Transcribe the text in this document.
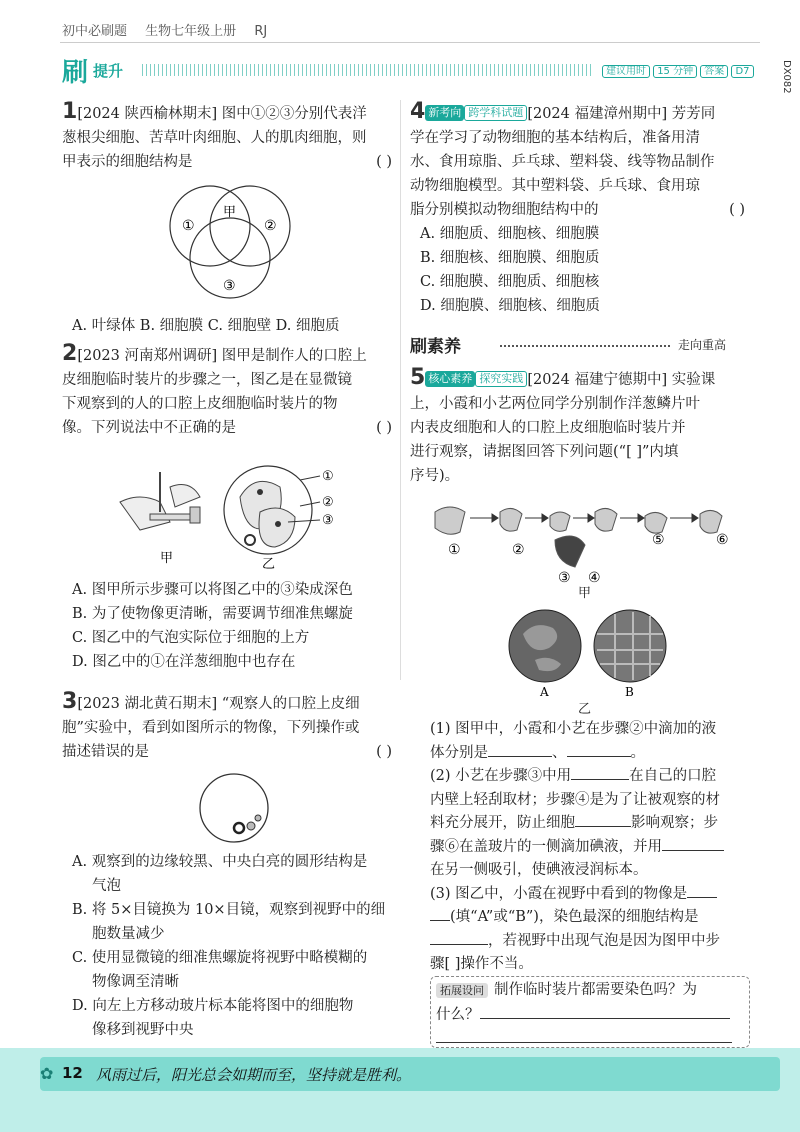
初中必刷题 生物七年级上册 RJ
刷 提升	建议用时 15 分钟 答案 D7	DX082
1[2024 陕西榆林期末] 图中①②③分别代表洋
葱根尖细胞、苦草叶肉细胞、人的肌肉细胞，则
甲表示的细胞结构是	( )
①	②
③
甲
A. 叶绿体 B. 细胞膜 C. 细胞壁 D. 细胞质
2[2023 河南郑州调研] 图甲是制作人的口腔上
皮细胞临时装片的步骤之一，图乙是在显微镜
下观察到的人的口腔上皮细胞临时装片的物
像。下列说法中不正确的是	( )
甲
①
②
③
乙
A. 图甲所示步骤可以将图乙中的③染成深色
B. 为了使物像更清晰，需要调节细准焦螺旋
C. 图乙中的气泡实际位于细胞的上方
D. 图乙中的①在洋葱细胞中也存在
3[2023 湖北黄石期末] “观察人的口腔上皮细
胞”实验中，看到如图所示的物像，下列操作或
描述错误的是	( )
A. 观察到的边缘较黑、中央白亮的圆形结构是
气泡
B. 将 5×目镜换为 10×目镜，观察到视野中的细
胞数量减少
C. 使用显微镜的细准焦螺旋将视野中略模糊的
物像调至清晰
D. 向左上方移动玻片标本能将图中的细胞物
像移到视野中央
4 新考向 跨学科试题 [2024 福建漳州期中] 芳芳同
学在学习了动物细胞的基本结构后，准备用清
水、食用琼脂、乒乓球、塑料袋、线等物品制作
动物细胞模型。其中塑料袋、乒乓球、食用琼
脂分别模拟动物细胞结构中的	( )
A. 细胞质、细胞核、细胞膜
B. 细胞核、细胞膜、细胞质
C. 细胞膜、细胞质、细胞核
D. 细胞膜、细胞核、细胞质
刷素养	走向重高
5 核心素养 探究实践 [2024 福建宁德期中] 实验课
上，小霞和小艺两位同学分别制作洋葱鳞片叶
内表皮细胞和人的口腔上皮细胞临时装片并
进行观察，请据图回答下列问题(“[ ]”内填
序号)。
①	②
③ ④
⑤	⑥
甲
A	B
乙
(1) 图甲中，小霞和小艺在步骤②中滴加的液
体分别是	、	。
(2) 小艺在步骤③中用	在自己的口腔
内壁上轻刮取材；步骤④是为了让被观察的材
料充分展开，防止细胞	影响观察；步
骤⑥在盖玻片的一侧滴加碘液，并用
在另一侧吸引，使碘液浸润标本。
(3) 图乙中，小霞在视野中看到的物像是
(填“A”或“B”)，染色最深的细胞结构是
，若视野中出现气泡是因为图甲中步
骤[ ]操作不当。
拓展设问 制作临时装片都需要染色吗？为
什么？
✿ 12 风雨过后，阳光总会如期而至，坚持就是胜利。
